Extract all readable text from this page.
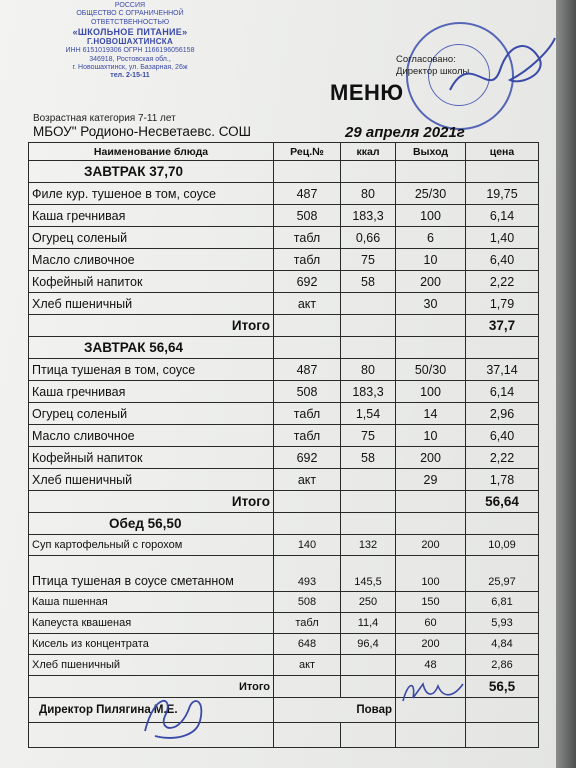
РОССИЯ
ОБЩЕСТВО С ОГРАНИЧЕННОЙ
ОТВЕТСТВЕННОСТЬЮ
«ШКОЛЬНОЕ ПИТАНИЕ»
Г.НОВОШАХТИНСКА
ИНН 6151019306 ОГРН 1166196056158
346918, Ростовская обл.,
г. Новошахтинск, ул. Базарная, 26ж
тел. 2-15-11
Возрастная категория 7-11 лет
МБОУ" Родионо-Несветаевс. СОШ
Согласовано:
Директор школы
МЕНЮ
29 апреля 2021г
Наименование блюда	Рец.№	ккал	Выход	цена
ЗАВТРАК 37,70				
Филе кур. тушеное в том, соусе	487	80	25/30	19,75
Каша гречнивая	508	183,3	100	6,14
Огурец соленый	табл	0,66	6	1,40
Масло сливочное	табл	75	10	6,40
Кофейный напиток	692	58	200	2,22
Хлеб пшеничный	акт		30	1,79
Итого				37,7
ЗАВТРАК 56,64				
Птица тушеная в том, соусе	487	80	50/30	37,14
Каша гречнивая	508	183,3	100	6,14
Огурец соленый	табл	1,54	14	2,96
Масло сливочное	табл	75	10	6,40
Кофейный напиток	692	58	200	2,22
Хлеб пшеничный	акт		29	1,78
Итого				56,64
Обед 56,50				
Суп картофельный с горохом	140	132	200	10,09
Птица тушеная в соусе сметанном	493	145,5	100	25,97
Каша пшенная	508	250	150	6,81
Капеуста квашеная	табл	11,4	60	5,93
Кисель из концентрата	648	96,4	200	4,84
Хлеб пшеничный	акт		48	2,86
Итого				56,5
Директор Пилягина М.Е.	Повар			
